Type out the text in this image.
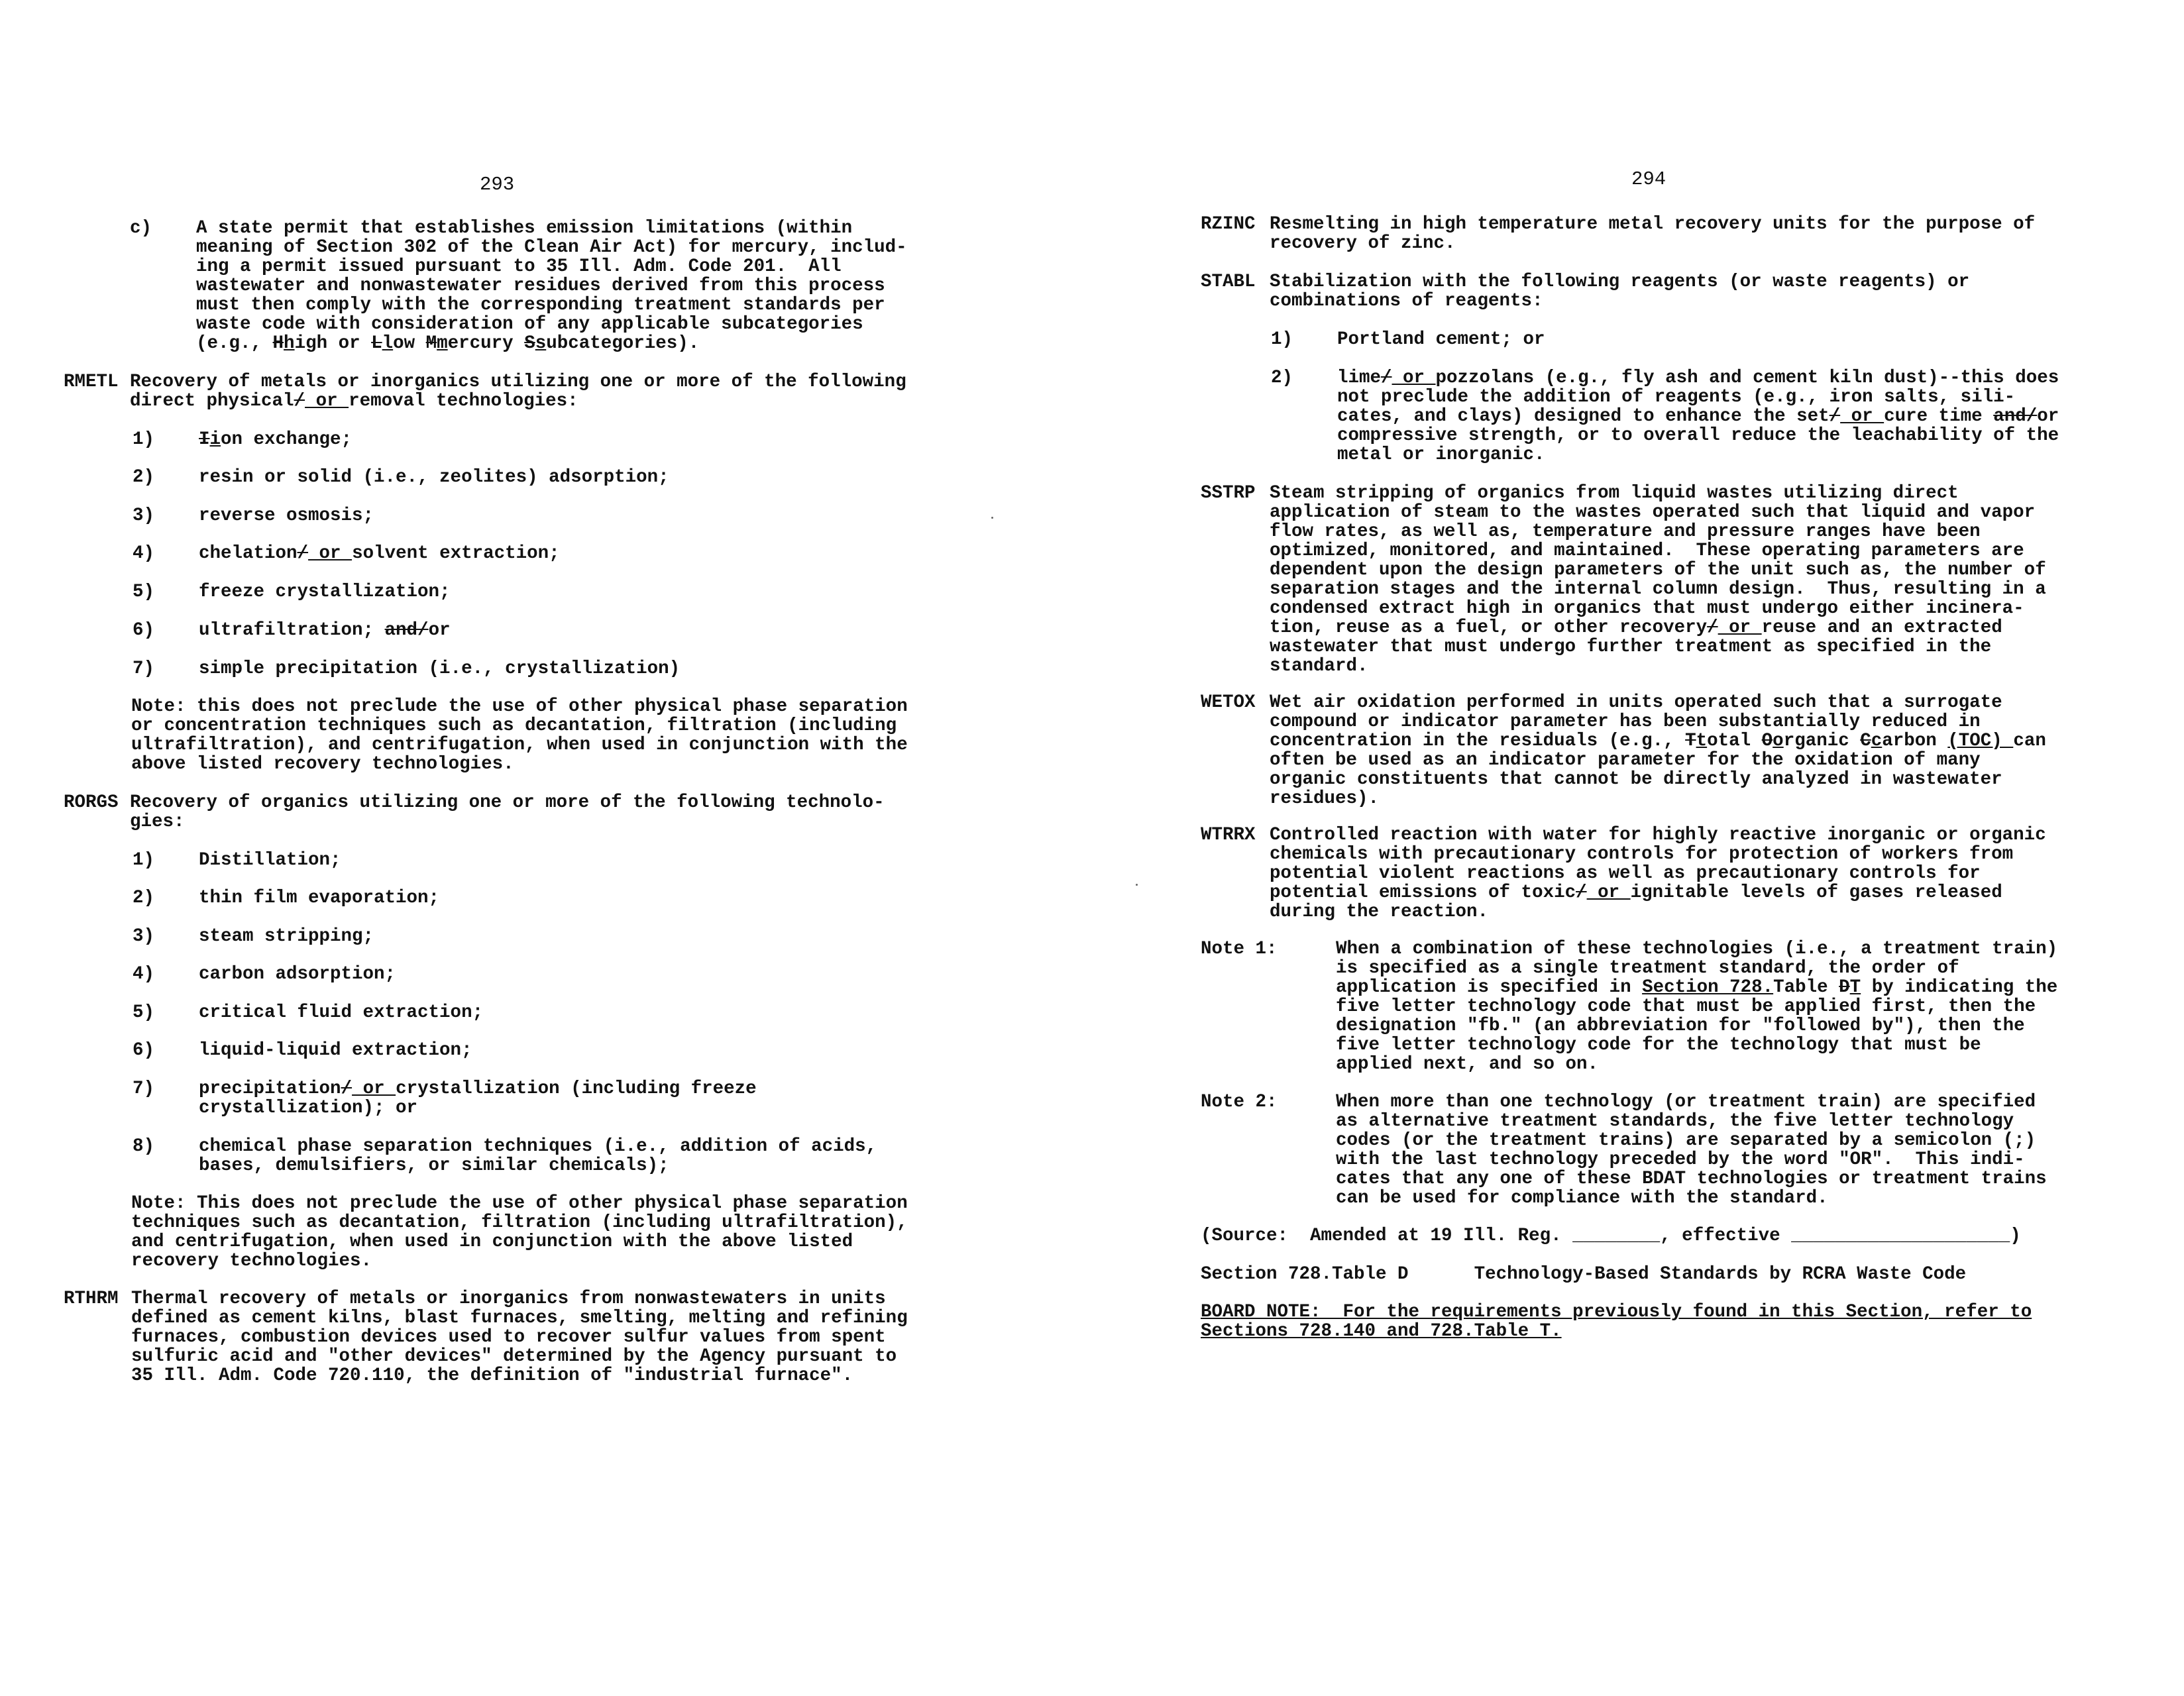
293
c) A state permit that establishes emission limitations (within
meaning of Section 302 of the Clean Air Act) for mercury, includ-
ing a permit issued pursuant to 35 Ill. Adm. Code 201.  All
wastewater and nonwastewater residues derived from this process
must then comply with the corresponding treatment standards per
waste code with consideration of any applicable subcategories
(e.g., Hhigh or Llow Mmercury Ssubcategories).
RMETL Recovery of metals or inorganics utilizing one or more of the following
direct physical/ or removal technologies:
1) Iion exchange;
2) resin or solid (i.e., zeolites) adsorption;
3) reverse osmosis;
4) chelation/ or solvent extraction;
5) freeze crystallization;
6) ultrafiltration; and/or
7) simple precipitation (i.e., crystallization)
Note: this does not preclude the use of other physical phase separation
or concentration techniques such as decantation, filtration (including
ultrafiltration), and centrifugation, when used in conjunction with the
above listed recovery technologies.
RORGS Recovery of organics utilizing one or more of the following technolo-
gies:
1) Distillation;
2) thin film evaporation;
3) steam stripping;
4) carbon adsorption;
5) critical fluid extraction;
6) liquid-liquid extraction;
7) precipitation/ or crystallization (including freeze
crystallization); or
8) chemical phase separation techniques (i.e., addition of acids,
bases, demulsifiers, or similar chemicals);
Note: This does not preclude the use of other physical phase separation
techniques such as decantation, filtration (including ultrafiltration),
and centrifugation, when used in conjunction with the above listed
recovery technologies.
RTHRM Thermal recovery of metals or inorganics from nonwastewaters in units
defined as cement kilns, blast furnaces, smelting, melting and refining
furnaces, combustion devices used to recover sulfur values from spent
sulfuric acid and "other devices" determined by the Agency pursuant to
35 Ill. Adm. Code 720.110, the definition of "industrial furnace".
294
RZINC Resmelting in high temperature metal recovery units for the purpose of
recovery of zinc.
STABL Stabilization with the following reagents (or waste reagents) or
combinations of reagents:
1) Portland cement; or
2) lime/ or pozzolans (e.g., fly ash and cement kiln dust)--this does
not preclude the addition of reagents (e.g., iron salts, sili-
cates, and clays) designed to enhance the set/ or cure time and/or
compressive strength, or to overall reduce the leachability of the
metal or inorganic.
SSTRP Steam stripping of organics from liquid wastes utilizing direct
application of steam to the wastes operated such that liquid and vapor
flow rates, as well as, temperature and pressure ranges have been
optimized, monitored, and maintained.  These operating parameters are
dependent upon the design parameters of the unit such as, the number of
separation stages and the internal column design.  Thus, resulting in a
condensed extract high in organics that must undergo either incinera-
tion, reuse as a fuel, or other recovery/ or reuse and an extracted
wastewater that must undergo further treatment as specified in the
standard.
WETOX Wet air oxidation performed in units operated such that a surrogate
compound or indicator parameter has been substantially reduced in
concentration in the residuals (e.g., Ttotal Oorganic Ccarbon (TOC) can
often be used as an indicator parameter for the oxidation of many
organic constituents that cannot be directly analyzed in wastewater
residues).
WTRRX Controlled reaction with water for highly reactive inorganic or organic
chemicals with precautionary controls for protection of workers from
potential violent reactions as well as precautionary controls for
potential emissions of toxic/ or ignitable levels of gases released
during the reaction.
Note 1:	When a combination of these technologies (i.e., a treatment train)
is specified as a single treatment standard, the order of
application is specified in Section 728.Table DT by indicating the
five letter technology code that must be applied first, then the
designation "fb." (an abbreviation for "followed by"), then the
five letter technology code for the technology that must be
applied next, and so on.
Note 2:	When more than one technology (or treatment train) are specified
as alternative treatment standards, the five letter technology
codes (or the treatment trains) are separated by a semicolon (;)
with the last technology preceded by the word "OR".  This indi-
cates that any one of these BDAT technologies or treatment trains
can be used for compliance with the standard.
(Source:  Amended at 19 Ill. Reg. ________, effective ____________________)
Section 728.Table D      Technology-Based Standards by RCRA Waste Code
BOARD NOTE:  For the requirements previously found in this Section, refer to
Sections 728.140 and 728.Table T.
